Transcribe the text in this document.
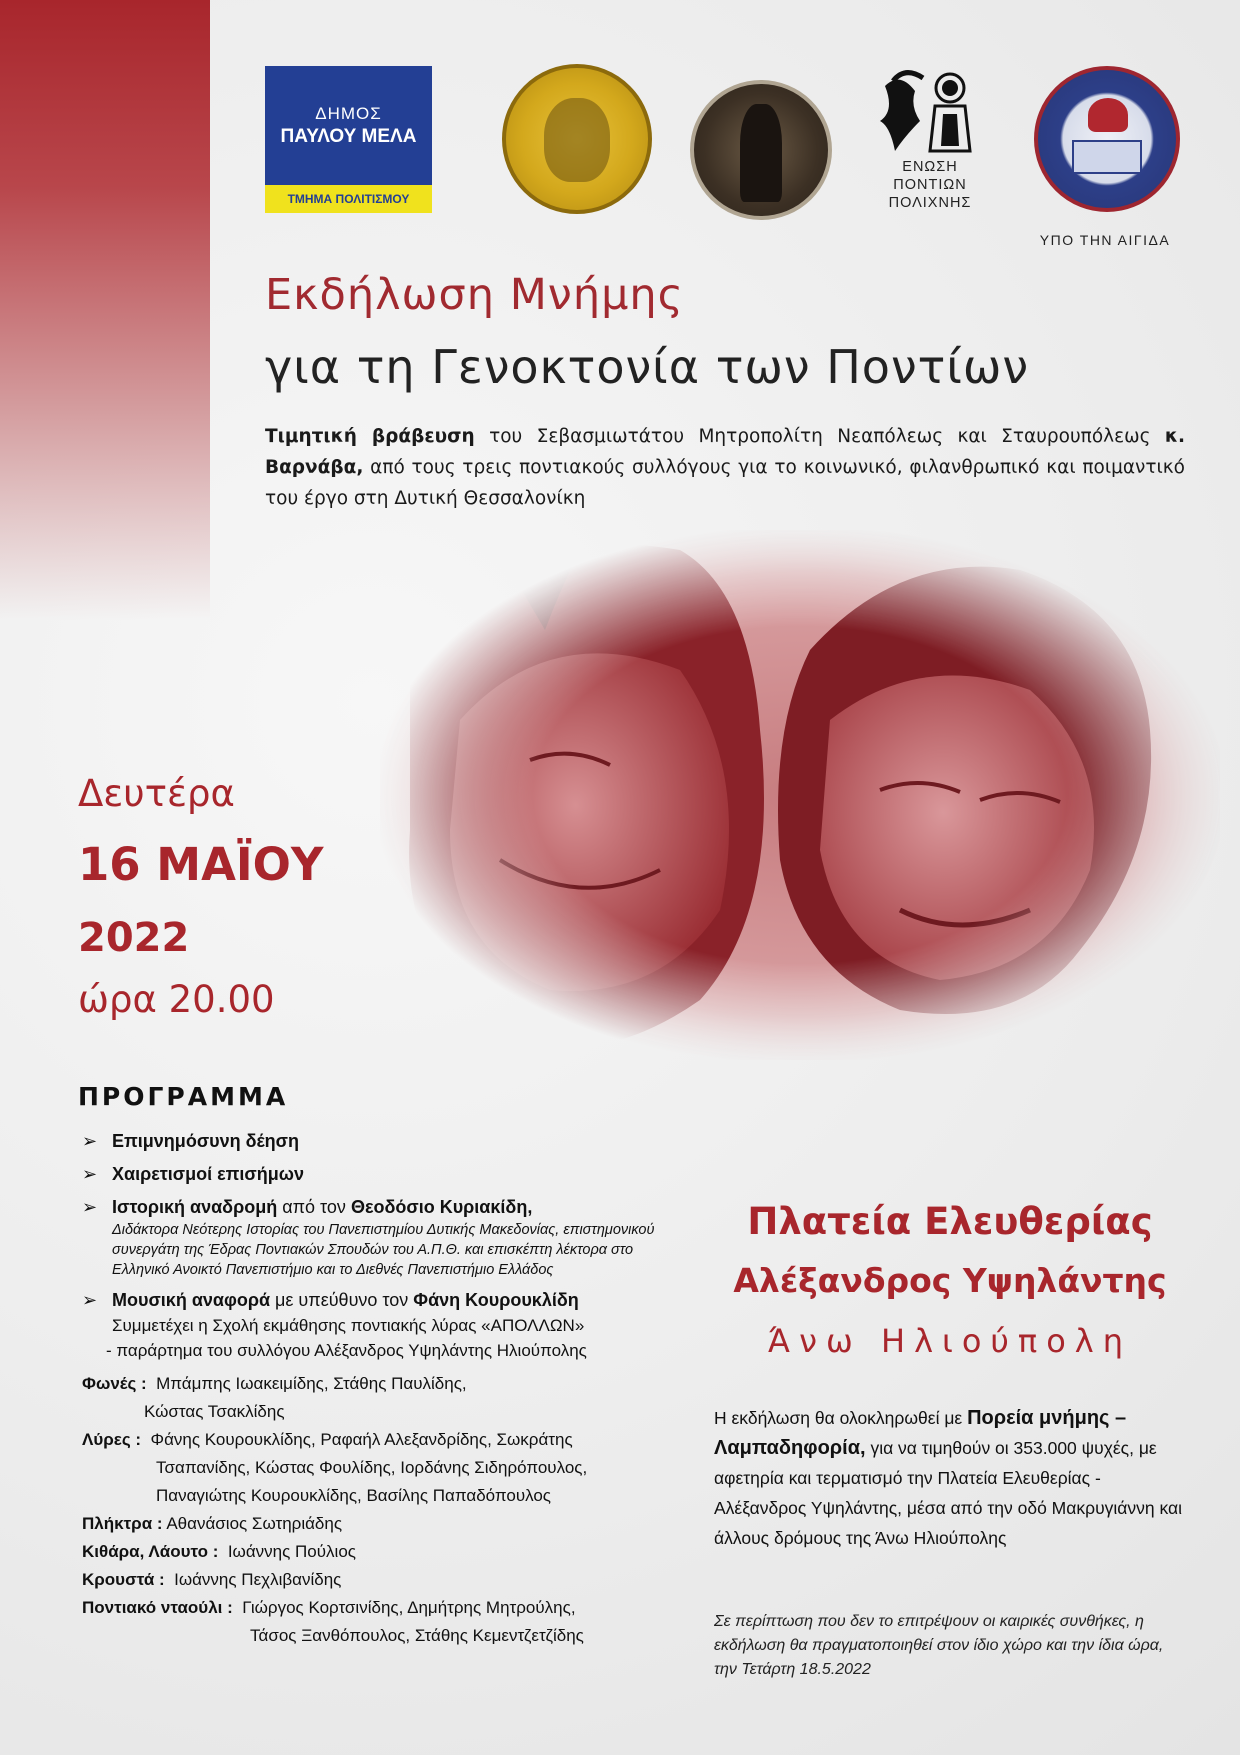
ΔΗΜΟΣ
ΠΑΥΛΟΥ ΜΕΛΑ
ΤΜΗΜΑ ΠΟΛΙΤΙΣΜΟΥ
ΕΝΩΣΗ
ΠΟΝΤΙΩΝ
ΠΟΛΙΧΝΗΣ
ΥΠΟ ΤΗΝ ΑΙΓΙΔΑ
Εκδήλωση Μνήμης
για τη Γενοκτονία των Ποντίων
Τιμητική βράβευση του Σεβασμιωτάτου Μητροπολίτη Νεαπόλεως και Σταυρουπόλεως κ. Βαρνάβα, από τους τρεις ποντιακούς συλλόγους για το κοινωνικό, φιλανθρωπικό και ποιμαντικό του έργο στη Δυτική Θεσσαλονίκη
Δευτέρα
16 ΜΑΪΟΥ
2022
ώρα 20.00
ΠΡΟΓΡΑΜΜΑ
➢ Επιμνημόσυνη δέηση
➢ Χαιρετισμοί επισήμων
➢ Ιστορική αναδρομή από τον Θεοδόσιο Κυριακίδη,
Διδάκτορα Νεότερης Ιστορίας του Πανεπιστημίου Δυτικής Μακεδονίας, επιστημονικού συνεργάτη της Έδρας Ποντιακών Σπουδών του Α.Π.Θ. και επισκέπτη λέκτορα στο Ελληνικό Ανοικτό Πανεπιστήμιο και το Διεθνές Πανεπιστήμιο Ελλάδος
➢ Μουσική αναφορά με υπεύθυνο τον Φάνη Κουρουκλίδη
Συμμετέχει η Σχολή εκμάθησης ποντιακής λύρας «ΑΠΟΛΛΩΝ»
- παράρτημα του συλλόγου Αλέξανδρος Υψηλάντης Ηλιούπολης
Φωνές : Μπάμπης Ιωακειμίδης, Στάθης Παυλίδης,
Κώστας Τσακλίδης
Λύρες : Φάνης Κουρουκλίδης, Ραφαήλ Αλεξανδρίδης, Σωκράτης
Τσαπανίδης, Κώστας Φουλίδης, Ιορδάνης Σιδηρόπουλος,
Παναγιώτης Κουρουκλίδης, Βασίλης Παπαδόπουλος
Πλήκτρα : Αθανάσιος Σωτηριάδης
Κιθάρα, Λάουτο : Ιωάννης Πούλιος
Κρουστά : Ιωάννης Πεχλιβανίδης
Ποντιακό νταούλι : Γιώργος Κορτσινίδης, Δημήτρης Μητρούλης,
Τάσος Ξανθόπουλος, Στάθης Κεμεντζετζίδης
Πλατεία Ελευθερίας
Αλέξανδρος Υψηλάντης
Άνω Ηλιούπολη
Η εκδήλωση θα ολοκληρωθεί με Πορεία μνήμης – Λαμπαδηφορία, για να τιμηθούν οι 353.000 ψυχές, με αφετηρία και τερματισμό την Πλατεία Ελευθερίας - Αλέξανδρος Υψηλάντης, μέσα από την οδό Μακρυγιάννη και άλλους δρόμους της Άνω Ηλιούπολης
Σε περίπτωση που δεν το επιτρέψουν οι καιρικές συνθήκες, η εκδήλωση θα πραγματοποιηθεί στον ίδιο χώρο και την ίδια ώρα, την Τετάρτη 18.5.2022
